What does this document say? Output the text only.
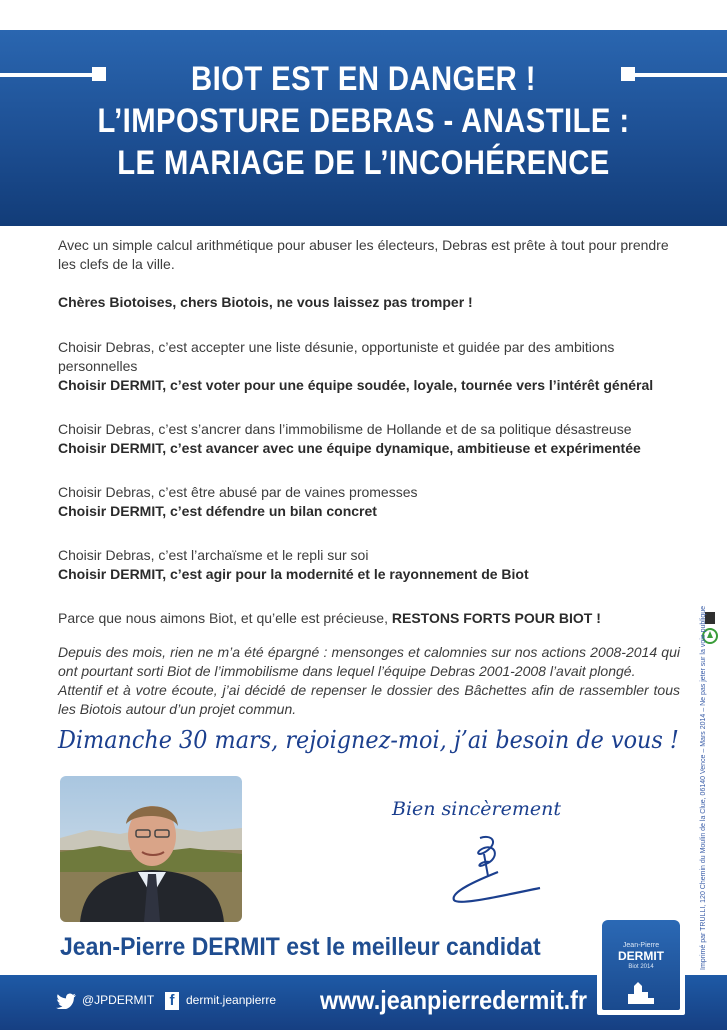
BIOT EST EN DANGER !
L’IMPOSTURE DEBRAS - ANASTILE :
LE MARIAGE DE L’INCOHÉRENCE

Avec un simple calcul arithmétique pour abuser les électeurs, Debras est prête à tout pour prendre les clefs de la ville.

Chères Biotoises, chers Biotois, ne vous laissez pas tromper !

Choisir Debras, c’est accepter une liste désunie, opportuniste et guidée par des ambitions personnelles

Choisir DERMIT, c’est voter pour une équipe soudée, loyale, tournée vers l’intérêt général

Choisir Debras, c’est s’ancrer dans l’immobilisme de Hollande et de sa politique désastreuse

Choisir DERMIT, c’est avancer avec une équipe dynamique, ambitieuse et expérimentée

Choisir Debras, c’est être abusé par de vaines promesses

Choisir DERMIT, c’est défendre un bilan concret

Choisir Debras, c’est l’archaïsme et le repli sur soi

Choisir DERMIT, c’est agir pour la modernité et le rayonnement de Biot

Parce que nous aimons Biot, et qu’elle est précieuse, RESTONS FORTS POUR BIOT !

Depuis des mois, rien ne m’a été épargné : mensonges et calomnies sur nos actions 2008-2014 qui ont pourtant sorti Biot de l’immobilisme dans lequel l’équipe Debras 2001-2008 l’avait plongé.

Attentif et à votre écoute, j’ai décidé de repenser le dossier des Bâchettes afin de rassembler tous les Biotois autour d’un projet commun.

Dimanche 30 mars, rejoignez-moi, j’ai besoin de vous !
Bien sincèrement
Jean-Pierre DERMIT est le meilleur candidat	Imprimé par TRULLI, 120 Chemin du Moulin de la Clue, 06140 Vence – Mars 2014 – Ne pas jeter sur la voie publique
@JPDERMIT	f dermit.jeanpierre www.jeanpierredermit.fr
Jean-Pierre
DERMIT
Biot 2014
